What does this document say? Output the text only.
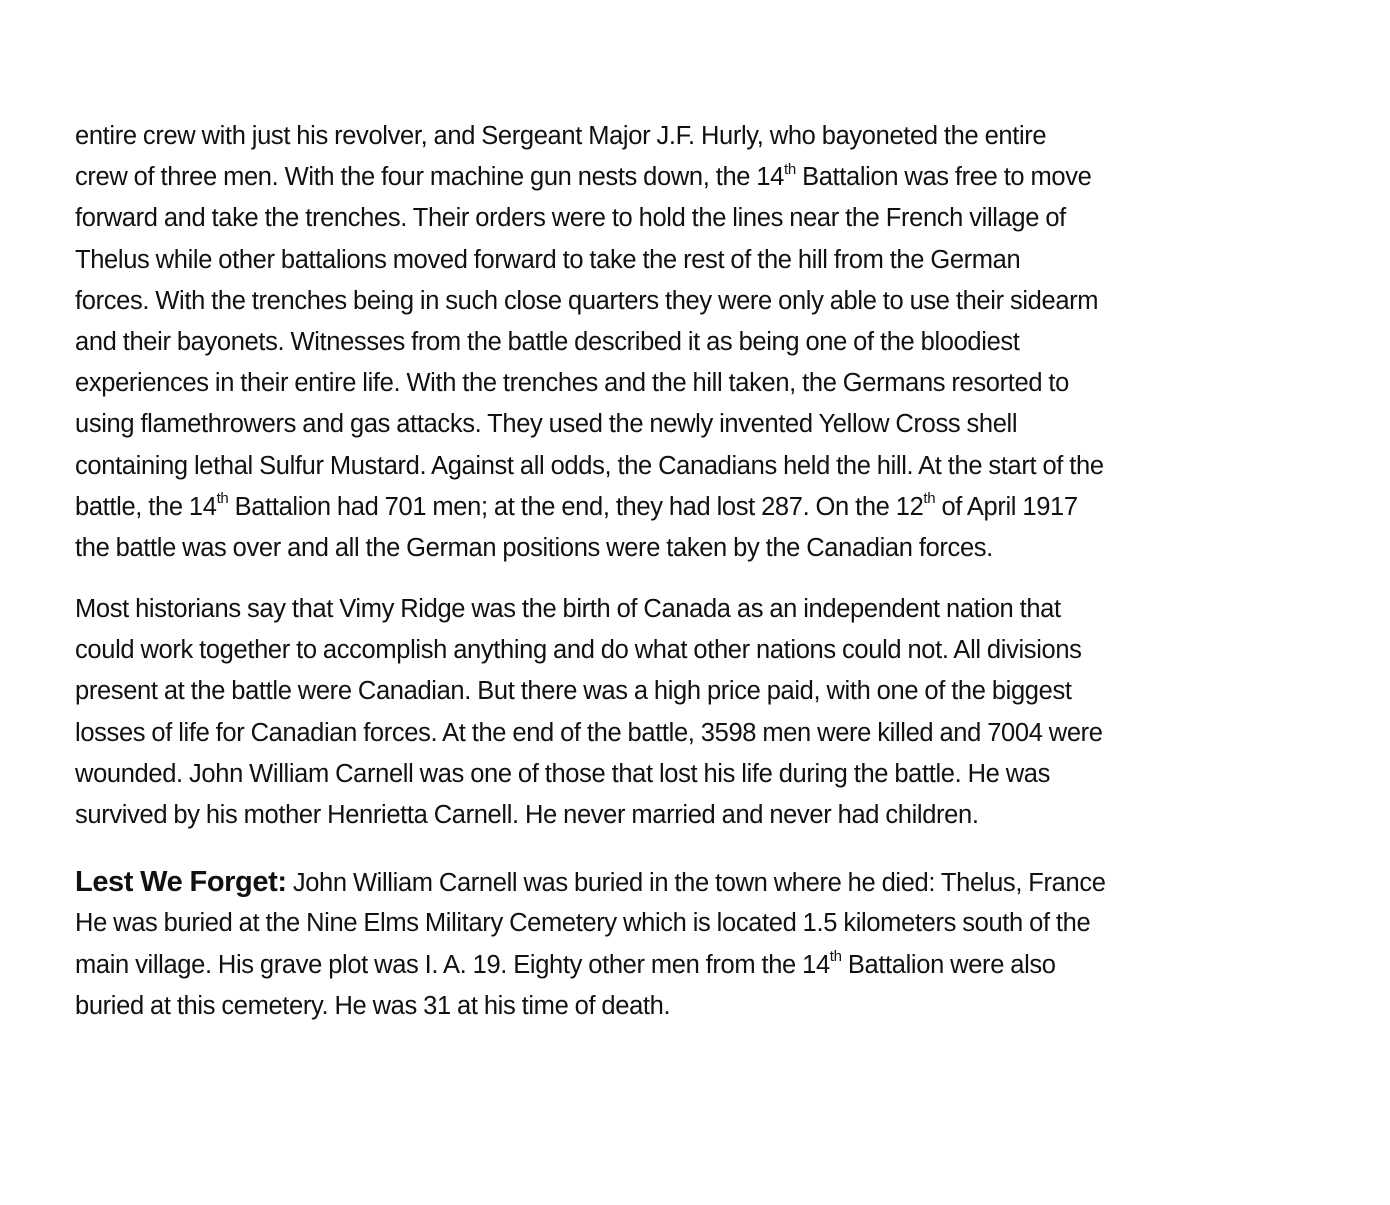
entire crew with just his revolver, and Sergeant Major J.F. Hurly, who bayoneted the entire
crew of three men. With the four machine gun nests down, the 14th Battalion was free to move
forward and take the trenches. Their orders were to hold the lines near the French village of
Thelus while other battalions moved forward to take the rest of the hill from the German
forces. With the trenches being in such close quarters they were only able to use their sidearm
and their bayonets. Witnesses from the battle described it as being one of the bloodiest
experiences in their entire life. With the trenches and the hill taken, the Germans resorted to
using flamethrowers and gas attacks. They used the newly invented Yellow Cross shell
containing lethal Sulfur Mustard. Against all odds, the Canadians held the hill. At the start of the
battle, the 14th Battalion had 701 men; at the end, they had lost 287. On the 12th of April 1917
the battle was over and all the German positions were taken by the Canadian forces.

Most historians say that Vimy Ridge was the birth of Canada as an independent nation that
could work together to accomplish anything and do what other nations could not. All divisions
present at the battle were Canadian. But there was a high price paid, with one of the biggest
losses of life for Canadian forces. At the end of the battle, 3598 men were killed and 7004 were
wounded. John William Carnell was one of those that lost his life during the battle. He was
survived by his mother Henrietta Carnell. He never married and never had children.

Lest We Forget: John William Carnell was buried in the town where he died: Thelus, France
He was buried at the Nine Elms Military Cemetery which is located 1.5 kilometers south of the
main village. His grave plot was I. A. 19. Eighty other men from the 14th Battalion were also
buried at this cemetery. He was 31 at his time of death.
